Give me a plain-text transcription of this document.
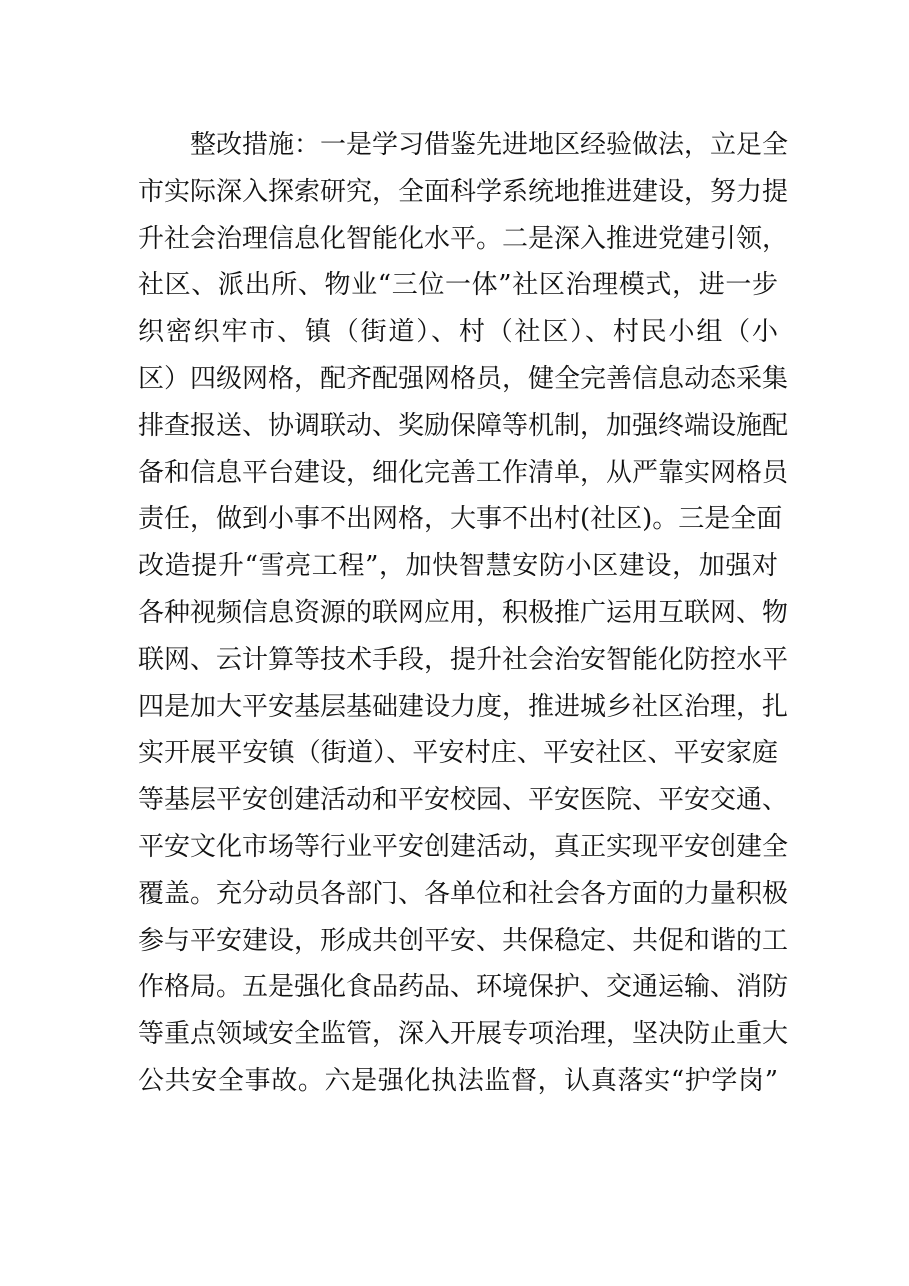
整改措施：一是学习借鉴先进地区经验做法，立足全
市实际深入探索研究，全面科学系统地推进建设，努力提
升社会治理信息化智能化水平。二是深入推进党建引领，
社区、派出所、物业“三位一体”社区治理模式，进一步
织密织牢市、镇（街道）、村（社区）、村民小组（小
区）四级网格，配齐配强网格员，健全完善信息动态采集
排查报送、协调联动、奖励保障等机制，加强终端设施配
备和信息平台建设，细化完善工作清单，从严靠实网格员
责任，做到小事不出网格，大事不出村(社区)。三是全面
改造提升“雪亮工程”，加快智慧安防小区建设，加强对
各种视频信息资源的联网应用，积极推广运用互联网、物
联网、云计算等技术手段，提升社会治安智能化防控水平
四是加大平安基层基础建设力度，推进城乡社区治理，扎
实开展平安镇（街道）、平安村庄、平安社区、平安家庭
等基层平安创建活动和平安校园、平安医院、平安交通、
平安文化市场等行业平安创建活动，真正实现平安创建全
覆盖。充分动员各部门、各单位和社会各方面的力量积极
参与平安建设，形成共创平安、共保稳定、共促和谐的工
作格局。五是强化食品药品、环境保护、交通运输、消防
等重点领域安全监管，深入开展专项治理，坚决防止重大
公共安全事故。六是强化执法监督，认真落实“护学岗”
